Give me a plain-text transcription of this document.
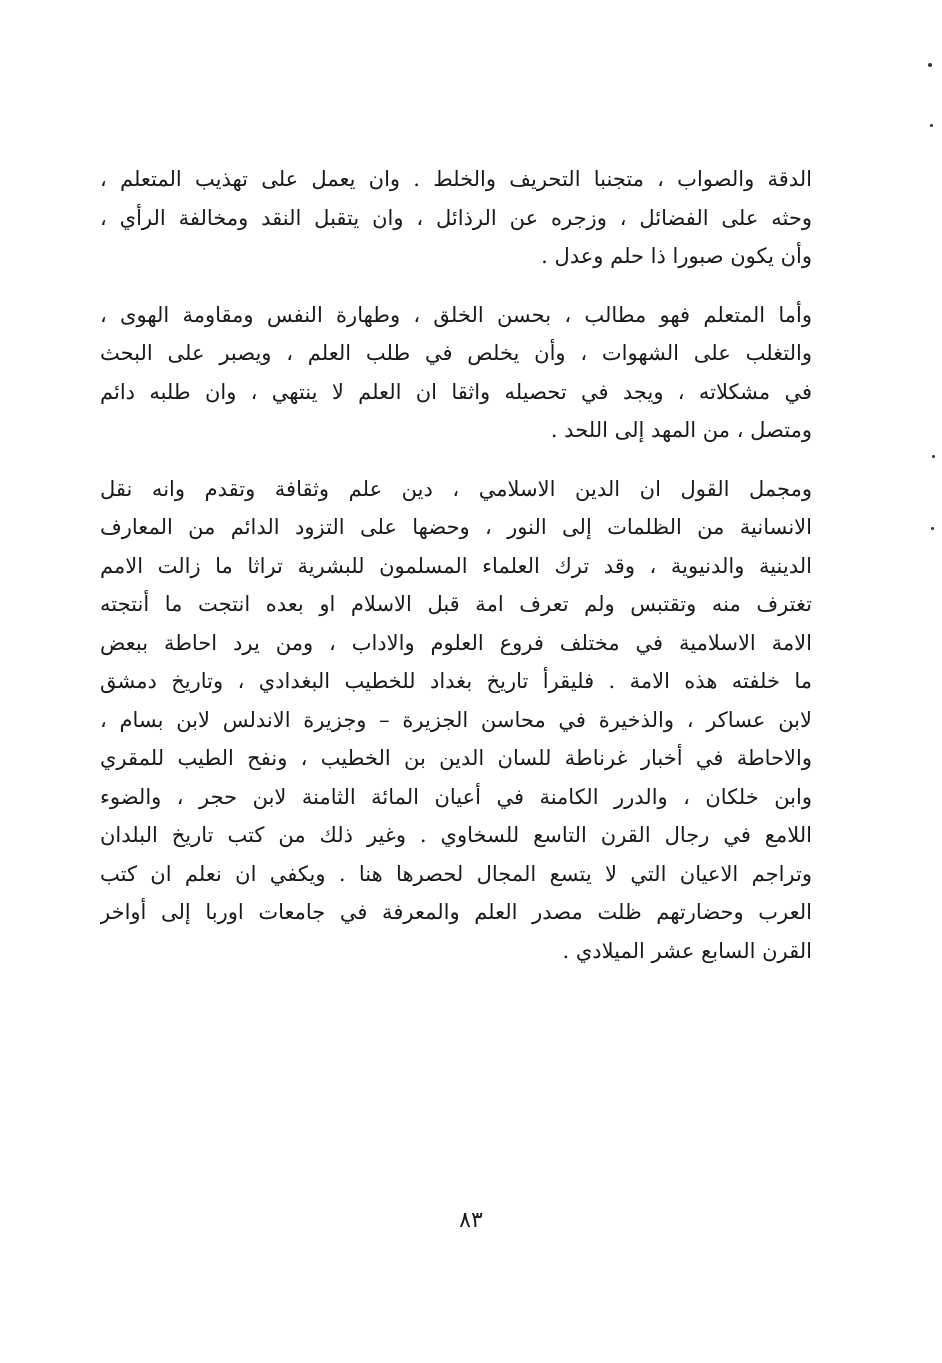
الدقة والصواب ، متجنبا التحريف والخلط . وان يعمل على تهذيب المتعلم ،
وحثه على الفضائل ، وزجره عن الرذائل ، وان يتقبل النقد ومخالفة الرأي ،
وأن يكون صبورا ذا حلم وعدل .
وأما المتعلم فهو مطالب ، بحسن الخلق ، وطهارة النفس ومقاومة الهوى ،
والتغلب على الشهوات ، وأن يخلص في طلب العلم ، ويصبر على البحث
في مشكلاته ، ويجد في تحصيله واثقا ان العلم لا ينتهي ، وان طلبه دائم
ومتصل ، من المهد إلى اللحد .
ومجمل القول ان الدين الاسلامي ، دين علم وثقافة وتقدم وانه نقل
الانسانية من الظلمات إلى النور ، وحضها على التزود الدائم من المعارف
الدينية والدنيوية ، وقد ترك العلماء المسلمون للبشرية تراثا ما زالت الامم
تغترف منه وتقتبس ولم تعرف امة قبل الاسلام او بعده انتجت ما أنتجته
الامة الاسلامية في مختلف فروع العلوم والاداب ، ومن يرد احاطة ببعض
ما خلفته هذه الامة . فليقرأ تاريخ بغداد للخطيب البغدادي ، وتاريخ دمشق
لابن عساكر ، والذخيرة في محاسن الجزيرة – وجزيرة الاندلس لابن بسام ،
والاحاطة في أخبار غرناطة للسان الدين بن الخطيب ، ونفح الطيب للمقري
وابن خلكان ، والدرر الكامنة في أعيان المائة الثامنة لابن حجر ، والضوء
اللامع في رجال القرن التاسع للسخاوي . وغير ذلك من كتب تاريخ البلدان
وتراجم الاعيان التي لا يتسع المجال لحصرها هنا . ويكفي ان نعلم ان كتب
العرب وحضارتهم ظلت مصدر العلم والمعرفة في جامعات اوربا إلى أواخر
القرن السابع عشر الميلادي .
٨٣
